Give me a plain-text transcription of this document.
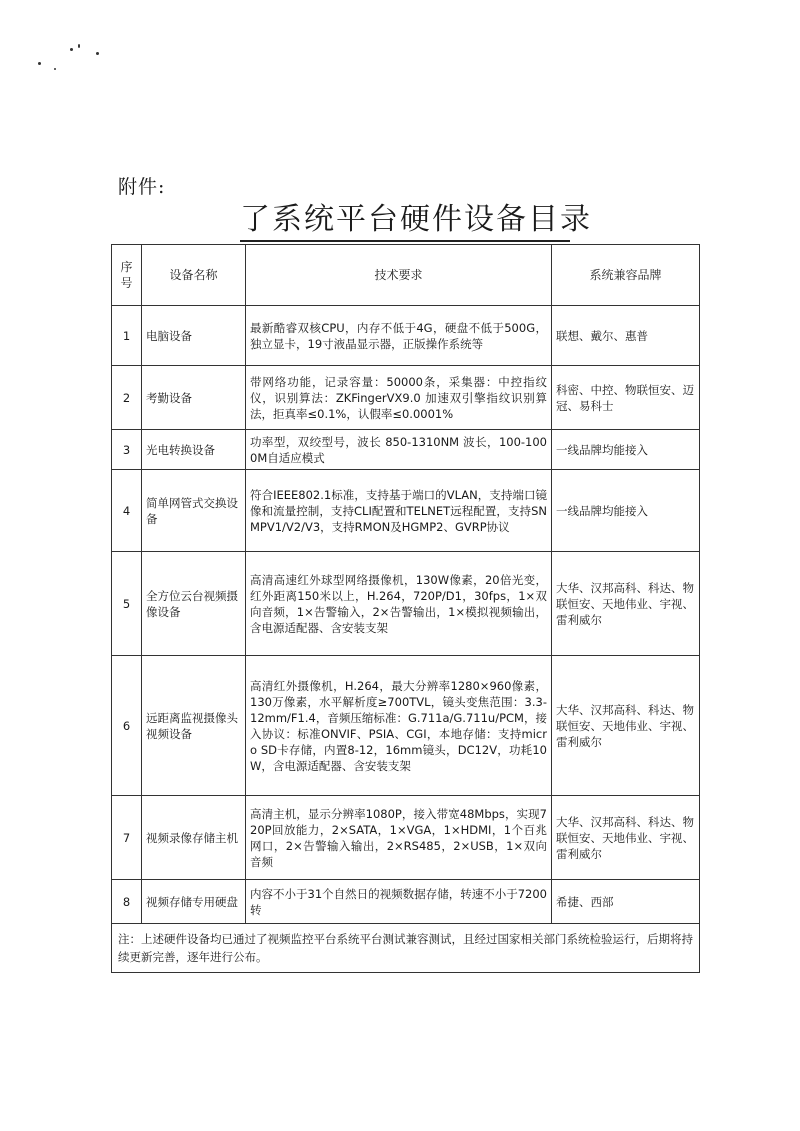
附件:
了系统平台硬件设备目录
序号	设备名称	技术要求	系统兼容品牌
1	电脑设备	最新酷睿双核CPU，内存不低于4G，硬盘不低于500G，独立显卡，19寸液晶显示器，正版操作系统等	联想、戴尔、惠普
2	考勤设备	带网络功能，记录容量：50000条，采集器：中控指纹仪，识别算法：ZKFingerVX9.0 加速双引擎指纹识别算法，拒真率≤0.1%，认假率≤0.0001%	科密、中控、物联恒安、迈冠、易科士
3	光电转换设备	功率型，双绞型号，波长 850-1310NM 波长，100-1000M自适应模式	一线品牌均能接入
4	简单网管式交换设备	符合IEEE802.1标准，支持基于端口的VLAN，支持端口镜像和流量控制，支持CLI配置和TELNET远程配置，支持SNMPV1/V2/V3，支持RMON及HGMP2、GVRP协议	一线品牌均能接入
5	全方位云台视频摄像设备	高清高速红外球型网络摄像机，130W像素，20倍光变，红外距离150米以上，H.264，720P/D1，30fps，1×双向音频，1×告警输入，2×告警输出，1×模拟视频输出，含电源适配器、含安装支架	大华、汉邦高科、科达、物联恒安、天地伟业、宇视、雷利威尔
6	远距离监视摄像头视频设备	高清红外摄像机，H.264，最大分辨率1280×960像素，130万像素，水平解析度≥700TVL，镜头变焦范围：3.3-12mm/F1.4，音频压缩标准：G.711a/G.711u/PCM，接入协议：标准ONVIF、PSIA、CGI，本地存储：支持micro SD卡存储，内置8-12，16mm镜头，DC12V，功耗10W，含电源适配器、含安装支架	大华、汉邦高科、科达、物联恒安、天地伟业、宇视、雷利威尔
7	视频录像存储主机	高清主机，显示分辨率1080P，接入带宽48Mbps，实现720P回放能力，2×SATA，1×VGA，1×HDMI，1个百兆网口，2×告警输入输出，2×RS485，2×USB，1×双向音频	大华、汉邦高科、科达、物联恒安、天地伟业、宇视、雷利威尔
8	视频存储专用硬盘	内容不小于31个自然日的视频数据存储，转速不小于7200转	希捷、西部
注：上述硬件设备均已通过了视频监控平台系统平台测试兼容测试，且经过国家相关部门系统检验运行，后期将持续更新完善，逐年进行公布。			
